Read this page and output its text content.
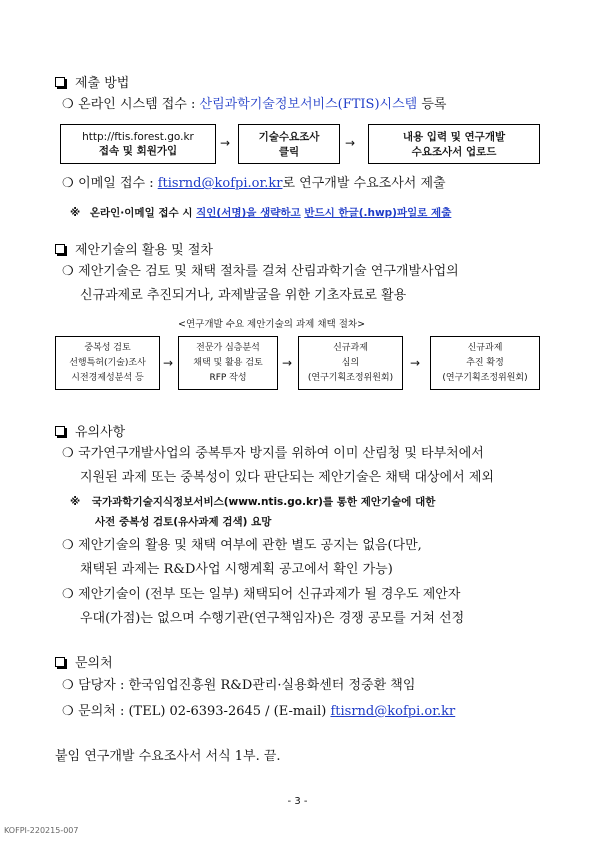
제출 방법
❍ 온라인 시스템 접수 : 산림과학기술정보서비스(FTIS)시스템 등록
http://ftis.forest.go.kr
접속 및 회원가입
→	기술수요조사
클릭
→	내용 입력 및 연구개발
수요조사서 업로드
❍ 이메일 접수 : ftisrnd@kofpi.or.kr로 연구개발 수요조사서 제출
※ 온라인·이메일 접수 시 직인(서명)을 생략하고 반드시 한글(.hwp)파일로 제출
제안기술의 활용 및 절차
❍ 제안기술은 검토 및 채택 절차를 걸쳐 산림과학기술 연구개발사업의
신규과제로 추진되거나, 과제발굴을 위한 기초자료로 활용
<연구개발 수요 제안기술의 과제 채택 절차>
중복성 검토
선행특허(기술)조사
시전경제성분석 등
→
전문가 심층분석
채택 및 활용 검토
RFP 작성
→
신규과제
심의
(연구기획조정위원회)
→
신규과제
추진 확정
(연구기획조정위원회)
유의사항
❍ 국가연구개발사업의 중복투자 방지를 위하여 이미 산림청 및 타부처에서
지원된 과제 또는 중복성이 있다 판단되는 제안기술은 채택 대상에서 제외
※ 국가과학기술지식정보서비스(www.ntis.go.kr)를 통한 제안기술에 대한
사전 중복성 검토(유사과제 검색) 요망
❍ 제안기술의 활용 및 채택 여부에 관한 별도 공지는 없음(다만,
채택된 과제는 R&D사업 시행계획 공고에서 확인 가능)
❍ 제안기술이 (전부 또는 일부) 채택되어 신규과제가 될 경우도 제안자
우대(가점)는 없으며 수행기관(연구책임자)은 경쟁 공모를 거쳐 선정
문의처
❍ 담당자 : 한국임업진흥원 R&D관리·실용화센터 정중환 책임
❍ 문의처 : (TEL) 02-6393-2645 / (E-mail) ftisrnd@kofpi.or.kr
붙임 연구개발 수요조사서 서식 1부. 끝.
- 3 -
KOFPI-220215-007
